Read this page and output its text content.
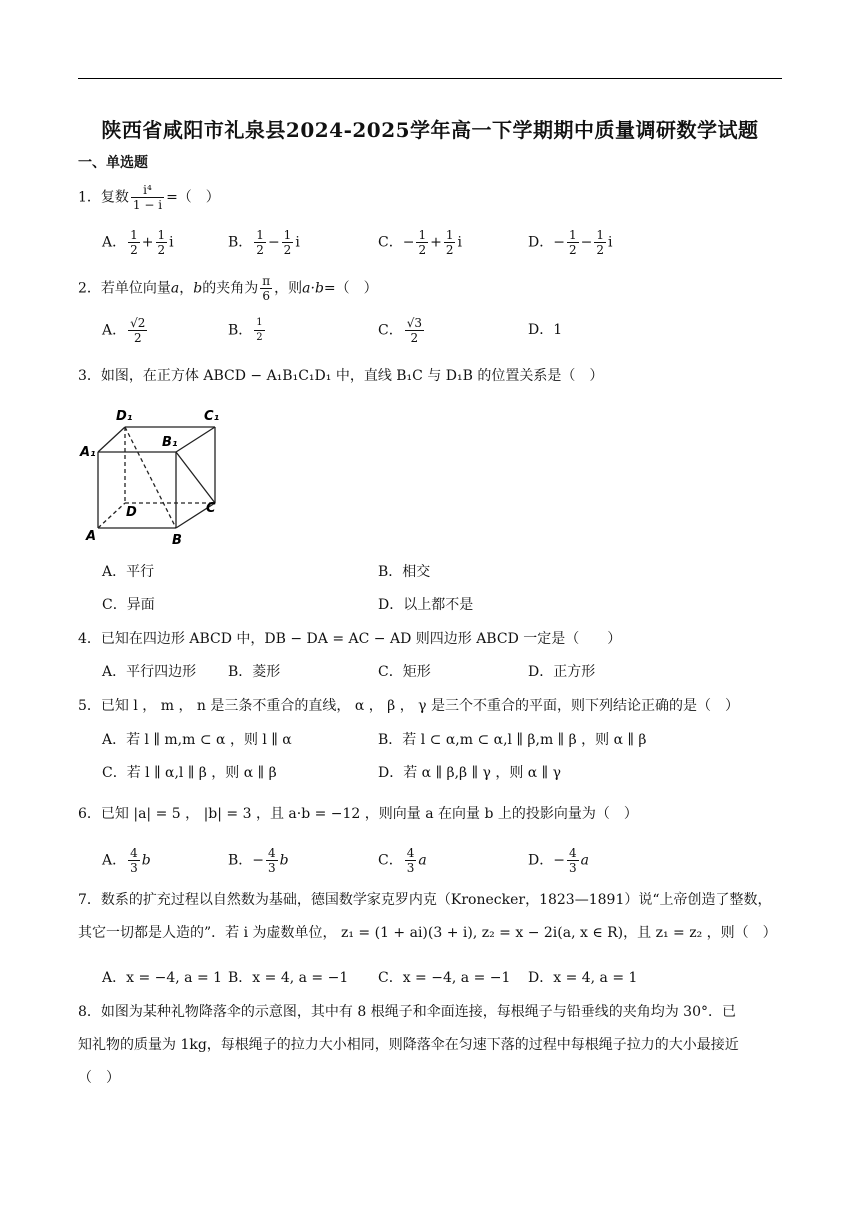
陕西省咸阳市礼泉县2024-2025学年高一下学期期中质量调研数学试题
一、单选题
1．复数 $\frac{\text{i⁴}}{1 - i}$ =（　）
A． $\frac{1}{2} + \frac{1}{2}$ i	B． $\frac{1}{2} - \frac{1}{2}$ i	C．− $\frac{1}{2} + \frac{1}{2}$ i	D．− $\frac{1}{2} - \frac{1}{2}$ i
2．若单位向量a，b的夹角为 $\frac{\pi}{6}$ ，则a·b=（　）
A． $\frac{√2}{2}$	B． $\frac{1}{2}$	C． $\frac{√3}{2}$	D．1
3．如图，在正方体 ABCD − A₁B₁C₁D₁ 中，直线 B₁C 与 D₁B 的位置关系是（　）
D₁	C₁
A₁
B₁
D	C
A	B
A．平行	B．相交
C．异面	D．以上都不是
4．已知在四边形 ABCD 中，DB − DA = AC − AD 则四边形 ABCD 一定是（　　）
A．平行四边形 B．菱形	C．矩形	D．正方形
5．已知 l ， m ， n 是三条不重合的直线， α ， β ， γ 是三个不重合的平面，则下列结论正确的是（　）
A．若 l ∥ m,m ⊂ α ，则 l ∥ α	B．若 l ⊂ α,m ⊂ α,l ∥ β,m ∥ β ，则 α ∥ β
C．若 l ∥ α,l ∥ β ，则 α ∥ β	D．若 α ∥ β,β ∥ γ ，则 α ∥ γ
6．已知 |a| = 5 ， |b| = 3 ，且 a·b = −12 ，则向量 a 在向量 b 上的投影向量为（　）
A． $\frac{4}{3}$ b	B．− $\frac{4}{3}$ b	C． $\frac{4}{3}$ a	D．− $\frac{4}{3}$ a
7．数系的扩充过程以自然数为基础，德国数学家克罗内克（Kronecker，1823—1891）说“上帝创造了整数，
其它一切都是人造的”．若 i 为虚数单位， z₁ = (1 + ai)(3 + i), z₂ = x − 2i(a, x ∈ R)，且 z₁ = z₂ ，则（　）
A．x = −4, a = 1 B．x = 4, a = −1 C．x = −4, a = −1 D．x = 4, a = 1
8．如图为某种礼物降落伞的示意图，其中有 8 根绳子和伞面连接，每根绳子与铅垂线的夹角均为 30°．已
知礼物的质量为 1kg，每根绳子的拉力大小相同，则降落伞在匀速下落的过程中每根绳子拉力的大小最接近
（　）
